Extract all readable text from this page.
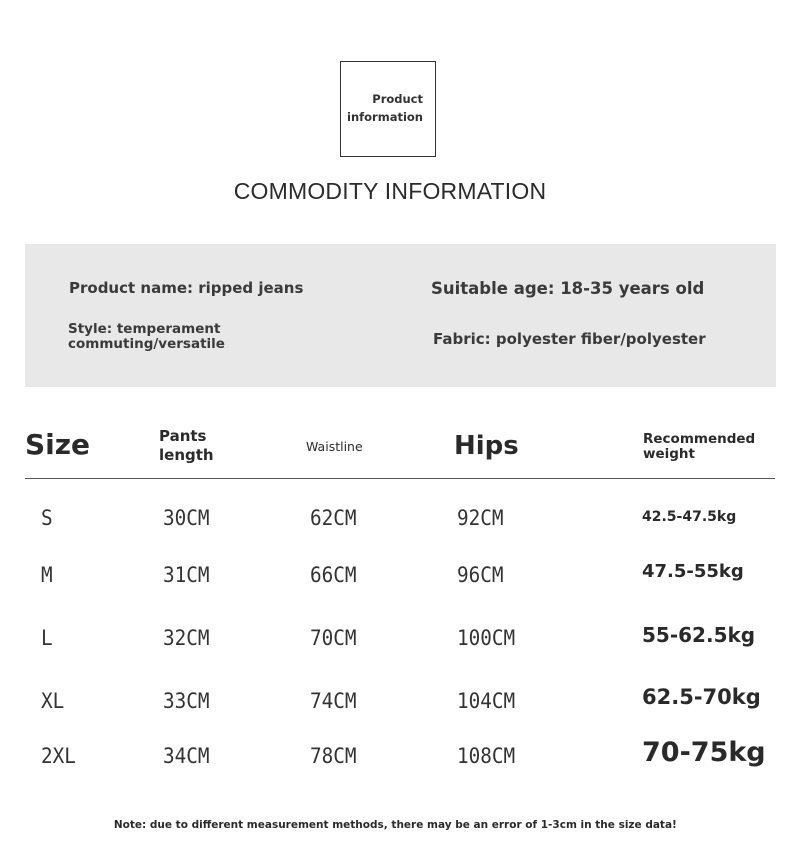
Product
information
COMMODITY INFORMATION
Product name: ripped jeans	Suitable age: 18-35 years old
Style: temperament commuting/versatile	Fabric: polyester fiber/polyester
Size	Pants length	Waistline	Hips	Recommended weight
S	30CM	62CM	92CM	42.5-47.5kg
M	31CM	66CM	96CM	47.5-55kg
L	32CM	70CM	100CM	55-62.5kg
XL	33CM	74CM	104CM	62.5-70kg
2XL	34CM	78CM	108CM	70-75kg
Note: due to different measurement methods, there may be an error of 1-3cm in the size data!
